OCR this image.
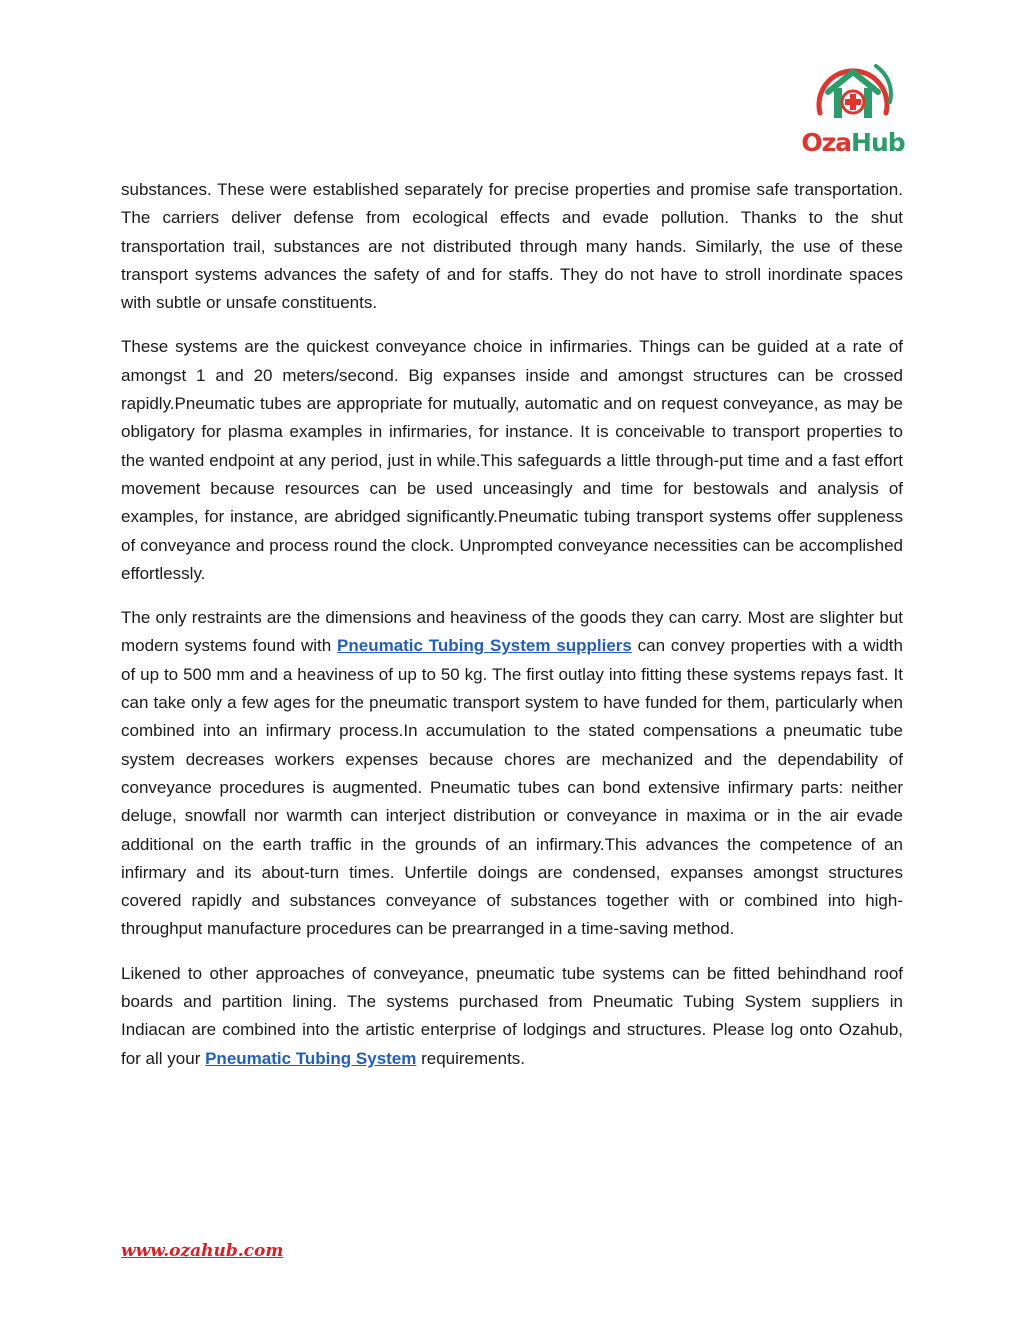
OzaHub

substances. These were established separately for precise properties and promise safe transportation. The carriers deliver defense from ecological effects and evade pollution. Thanks to the shut transportation trail, substances are not distributed through many hands. Similarly, the use of these transport systems advances the safety of and for staffs. They do not have to stroll inordinate spaces with subtle or unsafe constituents.

These systems are the quickest conveyance choice in infirmaries. Things can be guided at a rate of amongst 1 and 20 meters/second. Big expanses inside and amongst structures can be crossed rapidly.Pneumatic tubes are appropriate for mutually, automatic and on request conveyance, as may be obligatory for plasma examples in infirmaries, for instance. It is conceivable to transport properties to the wanted endpoint at any period, just in while.This safeguards a little through-put time and a fast effort movement because resources can be used unceasingly and time for bestowals and analysis of examples, for instance, are abridged significantly.Pneumatic tubing transport systems offer suppleness of conveyance and process round the clock. Unprompted conveyance necessities can be accomplished effortlessly.

The only restraints are the dimensions and heaviness of the goods they can carry. Most are slighter but modern systems found with Pneumatic Tubing System suppliers can convey properties with a width of up to 500 mm and a heaviness of up to 50 kg. The first outlay into fitting these systems repays fast. It can take only a few ages for the pneumatic transport system to have funded for them, particularly when combined into an infirmary process.In accumulation to the stated compensations a pneumatic tube system decreases workers expenses because chores are mechanized and the dependability of conveyance procedures is augmented. Pneumatic tubes can bond extensive infirmary parts: neither deluge, snowfall nor warmth can interject distribution or conveyance in maxima or in the air evade additional on the earth traffic in the grounds of an infirmary.This advances the competence of an infirmary and its about-turn times. Unfertile doings are condensed, expanses amongst structures covered rapidly and substances conveyance of substances together with or combined into high-throughput manufacture procedures can be prearranged in a time-saving method.

Likened to other approaches of conveyance, pneumatic tube systems can be fitted behindhand roof boards and partition lining. The systems purchased from Pneumatic Tubing System suppliers in Indiacan are combined into the artistic enterprise of lodgings and structures. Please log onto Ozahub, for all your Pneumatic Tubing System requirements.

www.ozahub.com
